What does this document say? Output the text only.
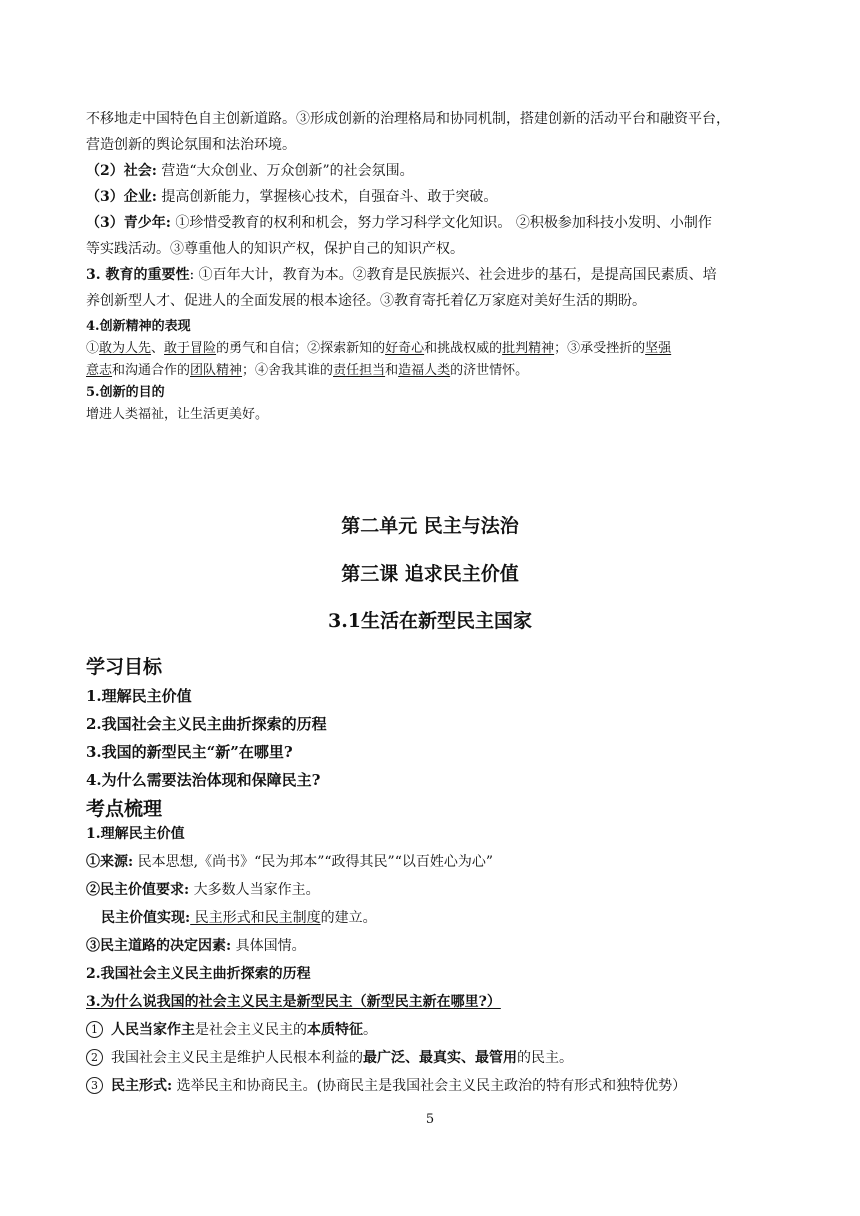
不移地走中国特色自主创新道路。③形成创新的治理格局和协同机制，搭建创新的活动平台和融资平台，

营造创新的舆论氛围和法治环境。

（2）社会: 营造“大众创业、万众创新”的社会氛围。

（3）企业: 提高创新能力，掌握核心技术，自强奋斗、敢于突破。

（3）青少年: ①珍惜受教育的权利和机会，努力学习科学文化知识。 ②积极参加科技小发明、小制作

等实践活动。③尊重他人的知识产权，保护自己的知识产权。

3. 教育的重要性: ①百年大计，教育为本。②教育是民族振兴、社会进步的基石，是提高国民素质、培

养创新型人才、促进人的全面发展的根本途径。③教育寄托着亿万家庭对美好生活的期盼。

4.创新精神的表现

①敢为人先、敢于冒险的勇气和自信；②探索新知的好奇心和挑战权威的批判精神；③承受挫折的坚强

意志和沟通合作的团队精神；④舍我其谁的责任担当和造福人类的济世情怀。

5.创新的目的

增进人类福祉，让生活更美好。

第二单元 民主与法治
第三课 追求民主价值
3.1生活在新型民主国家

学习目标

1.理解民主价值

2.我国社会主义民主曲折探索的历程

3.我国的新型民主“新”在哪里?

4.为什么需要法治体现和保障民主?

考点梳理

1.理解民主价值

①来源: 民本思想,《尚书》“民为邦本”“政得其民”“以百姓心为心”

②民主价值要求: 大多数人当家作主。

民主价值实现: 民主形式和民主制度的建立。

③民主道路的决定因素: 具体国情。

2.我国社会主义民主曲折探索的历程

3.为什么说我国的社会主义民主是新型民主（新型民主新在哪里?）

1 人民当家作主是社会主义民主的本质特征。

2 我国社会主义民主是维护人民根本利益的最广泛、最真实、最管用的民主。

3 民主形式: 选举民主和协商民主。(协商民主是我国社会主义民主政治的特有形式和独特优势）

5
